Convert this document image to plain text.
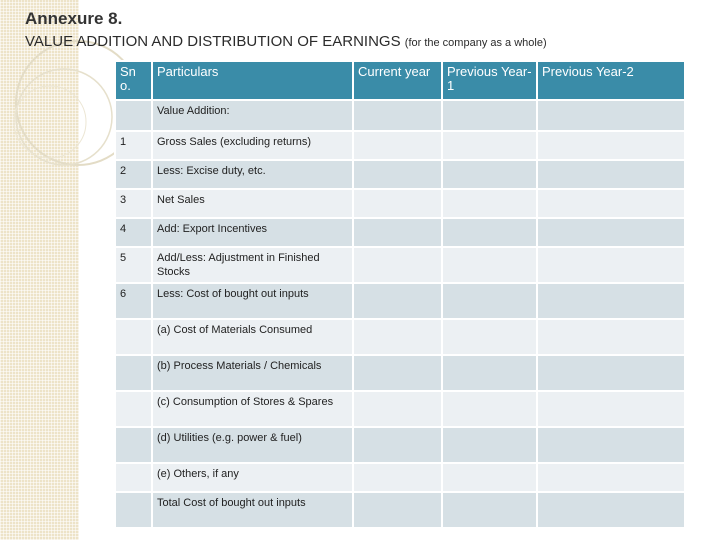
Annexure 8.
VALUE ADDITION AND DISTRIBUTION OF EARNINGS (for the company as a whole)
Sn o.	Particulars	Current year	Previous Year-1	Previous Year-2
	Value Addition:			
1	Gross Sales (excluding returns)			
2	Less: Excise duty, etc.			
3	Net Sales			
4	Add: Export Incentives			
5	Add/Less: Adjustment in Finished Stocks			
6	Less: Cost of bought out inputs			
	(a) Cost of Materials Consumed			
	(b) Process Materials / Chemicals			
	(c) Consumption of Stores & Spares			
	(d) Utilities (e.g. power & fuel)			
	(e) Others, if any			
	Total Cost of bought out inputs			
